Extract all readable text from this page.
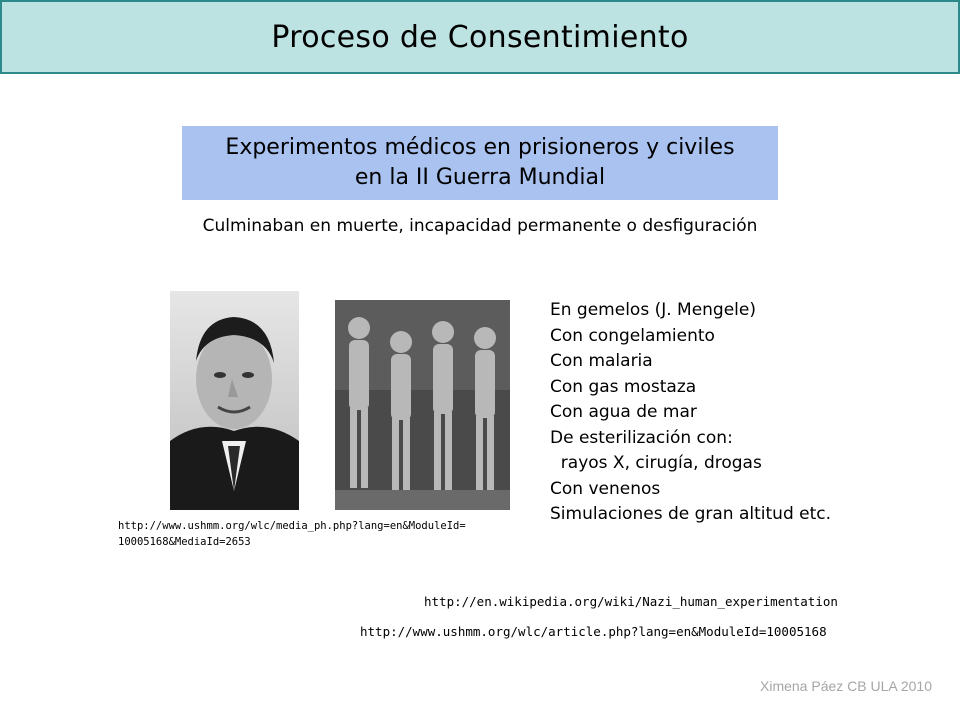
Proceso de Consentimiento
Experimentos médicos en prisioneros y civiles
en la II Guerra Mundial
Culminaban en muerte, incapacidad permanente o desfiguración
http://www.ushmm.org/wlc/media_ph.php?lang=en&ModuleId=
10005168&MediaId=2653
En gemelos (J. Mengele)
Con congelamiento
Con malaria
Con gas mostaza
Con agua de mar
De esterilización con:
rayos X, cirugía, drogas
Con venenos
Simulaciones de gran altitud etc.
http://en.wikipedia.org/wiki/Nazi_human_experimentation
http://www.ushmm.org/wlc/article.php?lang=en&ModuleId=10005168
Ximena Páez CB ULA 2010
